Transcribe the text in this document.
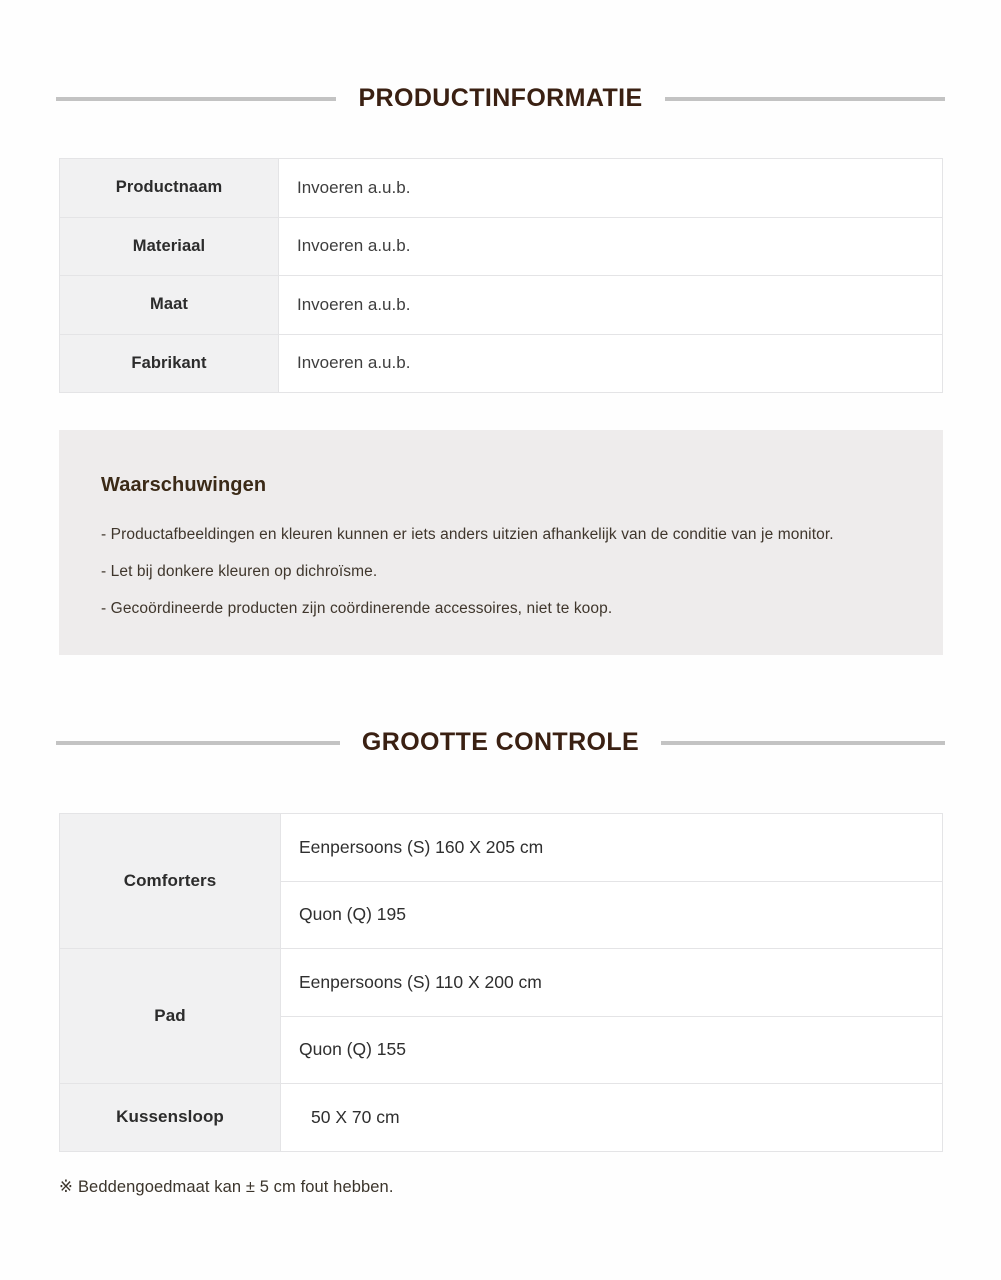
PRODUCTINFORMATIE
Productnaam	Invoeren a.u.b.
Materiaal	Invoeren a.u.b.
Maat	Invoeren a.u.b.
Fabrikant	Invoeren a.u.b.
Waarschuwingen
- Productafbeeldingen en kleuren kunnen er iets anders uitzien afhankelijk van de conditie van je monitor.
- Let bij donkere kleuren op dichroïsme.
- Gecoördineerde producten zijn coördinerende accessoires, niet te koop.
GROOTTE CONTROLE
Comforters	Eenpersoons (S) 160 X 205 cm
	Quon (Q) 195
Pad	Eenpersoons (S) 110 X 200 cm
	Quon (Q) 155
Kussensloop	50 X 70 cm
※ Beddengoedmaat kan ± 5 cm fout hebben.
